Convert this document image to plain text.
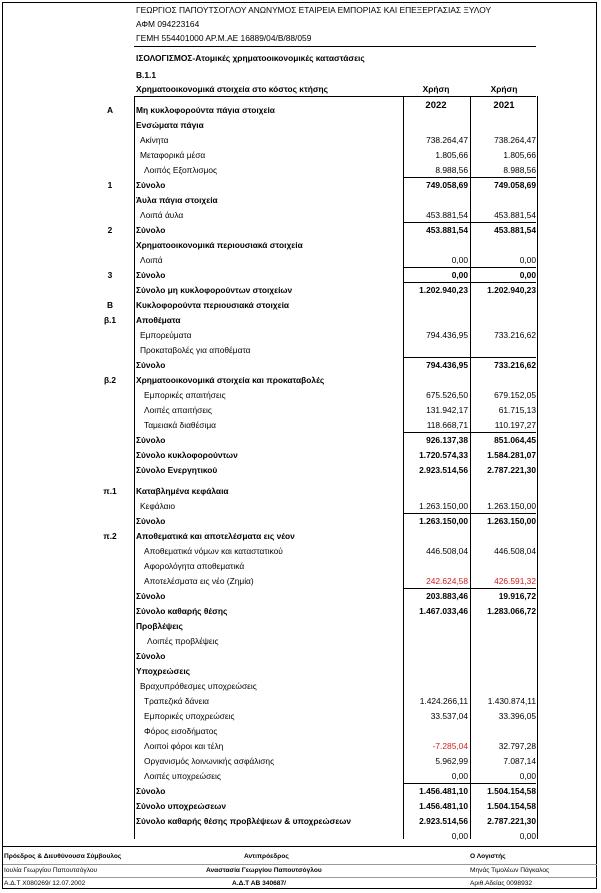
ΓΕΩΡΓΙΟΣ ΠΑΠΟΥΤΣΟΓΛΟΥ ΑΝΩΝΥΜΟΣ ΕΤΑΙΡΕΙΑ ΕΜΠΟΡΙΑΣ ΚΑΙ ΕΠΕΞΕΡΓΑΣΙΑΣ ΞΥΛΟΥ
ΑΦΜ 094223164
ΓΕΜΗ 554401000 ΑΡ.Μ.ΑΕ 16889/04/Β/88/059
ΙΣΟΛΟΓΙΣΜΟΣ-Ατομικές χρηματοοικονομικές καταστάσεις
Β.1.1
Χρηματοοικονομικά στοιχεία στο κόστος κτήσης	Χρήση	Χρήση
2022	2021
Α	Μη κυκλοφορούντα πάγια στοιχεία
Ενσώματα πάγια
Ακίνητα	738.264,47	738.264,47
Μεταφορικά μέσα	1.805,66	1.805,66
Λοιπός Εξοπλισμος	8.988,56	8.988,56
1	Σύνολο	749.058,69	749.058,69
Άυλα πάγια στοιχεία
Λοιπά άυλα	453.881,54	453.881,54
2	Σύνολο	453.881,54	453.881,54
Χρηματοοικονομικά περιουσιακά στοιχεία
Λοιπά	0,00	0,00
3	Σύνολο	0,00	0,00
Σύνολο μη κυκλοφορούντων στοιχείων	1.202.940,23	1.202.940,23
Β	Κυκλοφορούντα περιουσιακά στοιχεία
β.1	Αποθέματα
Εμπορεύματα	794.436,95	733.216,62
Προκαταβολές για αποθέματα
Σύνολο	794.436,95	733.216,62
β.2	Χρηματοοικονομικά στοιχεία και προκαταβολές
Εμπορικές απαιτήσεις	675.526,50	679.152,05
Λοιπές απαιτήσεις	131.942,17	61.715,13
Ταμειακά διαθέσιμα	118.668,71	110.197,27
Σύνολο	926.137,38	851.064,45
Σύνολο κυκλοφορούντων	1.720.574,33	1.584.281,07
Σύνολο Ενεργητικού	2.923.514,56	2.787.221,30
π.1	Καταβλημένα κεφάλαια
Κεφάλαιο	1.263.150,00	1.263.150,00
Σύνολο	1.263.150,00	1.263.150,00
π.2	Αποθεματικά και αποτελέσματα εις νέον
Αποθεματικά νόμων και καταστατικού	446.508,04	446.508,04
Αφορολόγητα αποθεματικά
Αποτελέσματα εις νέο (Ζημία)	242.624,58	426.591,32
Σύνολο	203.883,46	19.916,72
Σύνολο καθαρής θέσης	1.467.033,46	1.283.066,72
Προβλέψεις
Λοιπές προβλέψεις
Σύνολο
Υποχρεώσεις
Βραχυπρόθεσμες υποχρεώσεις
Τραπεζικά δάνεια	1.424.266,11	1.430.874,11
Εμπορικές υποχρεώσεις	33.537,04	33.396,05
Φόρος εισοδήματος
Λοιποί φόροι και τέλη	-7.285,04	32.797,28
Οργανισμός λοινωνικής ασφάλισης	5.962,99	7.087,14
Λοιπές υποχρεώσεις	0,00	0,00
Σύνολο	1.456.481,10	1.504.154,58
Σύνολο υποχρεώσεων	1.456.481,10	1.504.154,58
Σύνολο καθαρής θέσης προβλέψεων & υποχρεώσεων	2.923.514,56	2.787.221,30
0,00	0,00
Πρόεδρος & Διευθύνουσα Σύμβουλος
Ιουλία Γεωργίου Παπουτσόγλου
Α.Δ.Τ Χ080269/ 12.07.2002
Αντιπρόεδρος
Αναστασία Γεωργίου Παπουτσόγλου
Α.Δ.Τ ΑΒ 340687/
Ο Λογιστής
Μηνάς Τιμολέων Πάγκαλος
Αριθ.Αδείας 0098932
